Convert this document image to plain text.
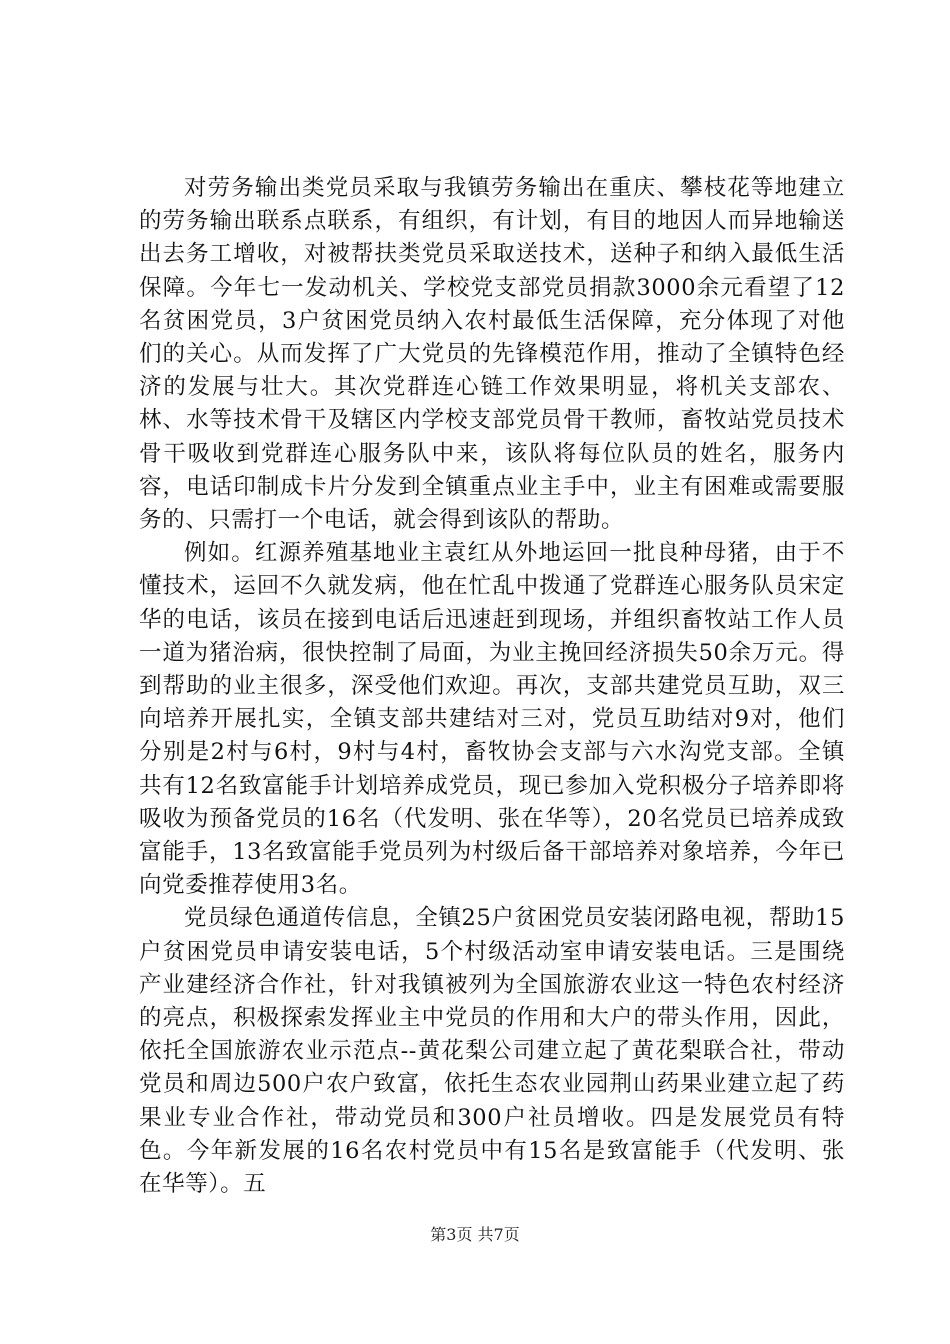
对劳务输出类党员采取与我镇劳务输出在重庆、攀枝花等地建立的劳务输出联系点联系，有组织，有计划，有目的地因人而异地输送出去务工增收，对被帮扶类党员采取送技术，送种子和纳入最低生活保障。今年七一发动机关、学校党支部党员捐款3000余元看望了12名贫困党员，3户贫困党员纳入农村最低生活保障，充分体现了对他们的关心。从而发挥了广大党员的先锋模范作用，推动了全镇特色经济的发展与壮大。其次党群连心链工作效果明显，将机关支部农、林、水等技术骨干及辖区内学校支部党员骨干教师，畜牧站党员技术骨干吸收到党群连心服务队中来，该队将每位队员的姓名，服务内容，电话印制成卡片分发到全镇重点业主手中，业主有困难或需要服务的、只需打一个电话，就会得到该队的帮助。

例如。红源养殖基地业主袁红从外地运回一批良种母猪，由于不懂技术，运回不久就发病，他在忙乱中拨通了党群连心服务队员宋定华的电话，该员在接到电话后迅速赶到现场，并组织畜牧站工作人员一道为猪治病，很快控制了局面，为业主挽回经济损失50余万元。得到帮助的业主很多，深受他们欢迎。再次，支部共建党员互助，双三向培养开展扎实，全镇支部共建结对三对，党员互助结对9对，他们分别是2村与6村，9村与4村，畜牧协会支部与六水沟党支部。全镇共有12名致富能手计划培养成党员，现已参加入党积极分子培养即将吸收为预备党员的16名（代发明、张在华等），20名党员已培养成致富能手，13名致富能手党员列为村级后备干部培养对象培养，今年已向党委推荐使用3名。

党员绿色通道传信息，全镇25户贫困党员安装闭路电视，帮助15户贫困党员申请安装电话，5个村级活动室申请安装电话。三是围绕产业建经济合作社，针对我镇被列为全国旅游农业这一特色农村经济的亮点，积极探索发挥业主中党员的作用和大户的带头作用，因此，依托全国旅游农业示范点--黄花梨公司建立起了黄花梨联合社，带动党员和周边500户农户致富，依托生态农业园荆山药果业建立起了药果业专业合作社，带动党员和300户社员增收。四是发展党员有特色。今年新发展的16名农村党员中有15名是致富能手（代发明、张在华等）。五

第3页 共7页
